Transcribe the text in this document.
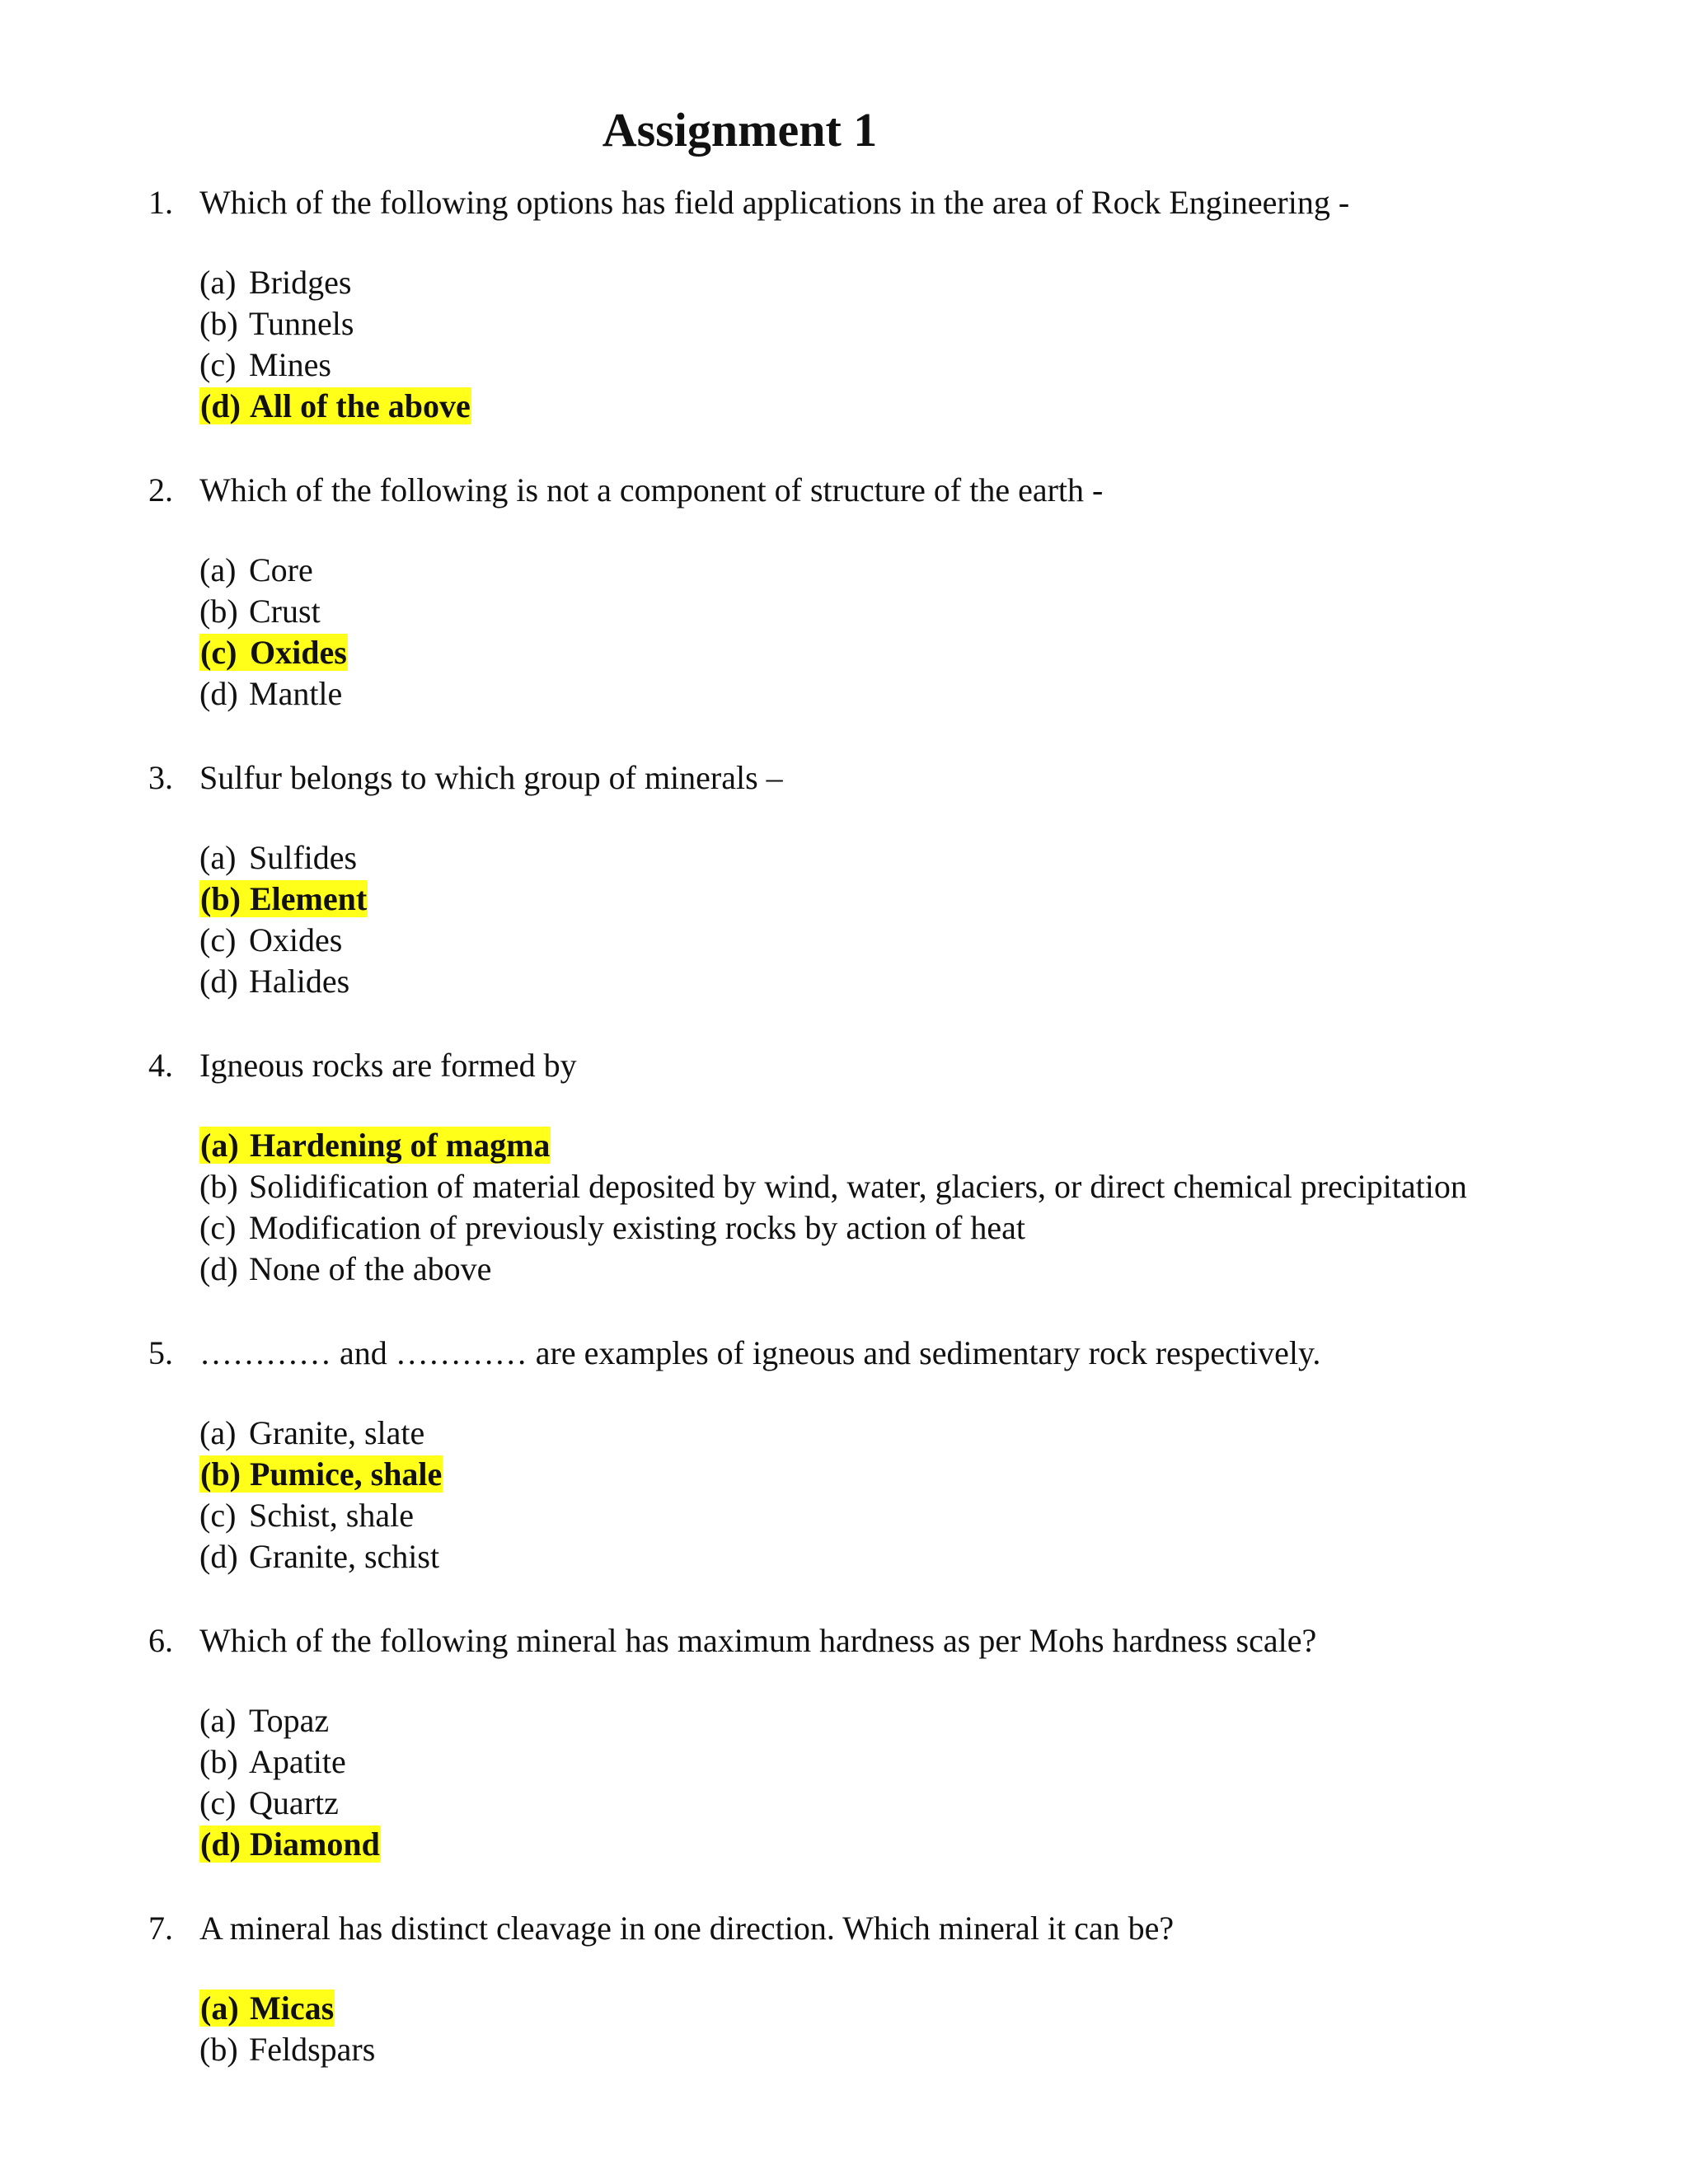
Assignment 1
1. Which of the following options has field applications in the area of Rock Engineering -
(a) Bridges
(b) Tunnels
(c) Mines
(d) All of the above
2. Which of the following is not a component of structure of the earth -
(a) Core
(b) Crust
(c) Oxides
(d) Mantle
3. Sulfur belongs to which group of minerals –
(a) Sulfides
(b) Element
(c) Oxides
(d) Halides
4. Igneous rocks are formed by
(a) Hardening of magma
(b) Solidification of material deposited by wind, water, glaciers, or direct chemical precipitation
(c) Modification of previously existing rocks by action of heat
(d) None of the above
5. ………… and ………… are examples of igneous and sedimentary rock respectively.
(a) Granite, slate
(b) Pumice, shale
(c) Schist, shale
(d) Granite, schist
6. Which of the following mineral has maximum hardness as per Mohs hardness scale?
(a) Topaz
(b) Apatite
(c) Quartz
(d) Diamond
7. A mineral has distinct cleavage in one direction. Which mineral it can be?
(a) Micas
(b) Feldspars
